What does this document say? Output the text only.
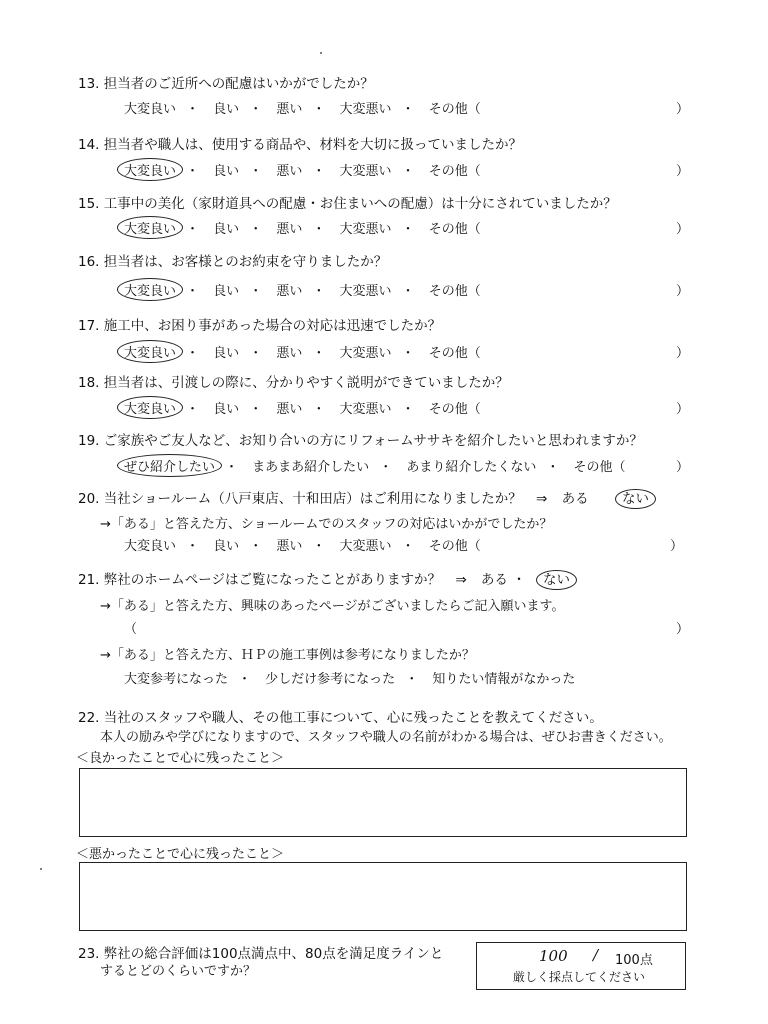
13. 担当者のご近所への配慮はいかがでしたか？
大変良い ・ 良い ・ 悪い ・ 大変悪い ・ その他（	）
14. 担当者や職人は、使用する商品や、材料を大切に扱っていましたか？
大変良い ・ 良い ・ 悪い ・ 大変悪い ・ その他（	）
15. 工事中の美化（家財道具への配慮・お住まいへの配慮）は十分にされていましたか？
大変良い ・ 良い ・ 悪い ・ 大変悪い ・ その他（	）
16. 担当者は、お客様とのお約束を守りましたか？
大変良い ・ 良い ・ 悪い ・ 大変悪い ・ その他（	）
17. 施工中、お困り事があった場合の対応は迅速でしたか？
大変良い ・ 良い ・ 悪い ・ 大変悪い ・ その他（	）
18. 担当者は、引渡しの際に、分かりやすく説明ができていましたか？
大変良い ・ 良い ・ 悪い ・ 大変悪い ・ その他（	）
19. ご家族やご友人など、お知り合いの方にリフォームササキを紹介したいと思われますか？
ぜひ紹介したい ・ まあまあ紹介したい ・ あまり紹介したくない ・ その他（	）
20. 当社ショールーム（八戸東店、十和田店）はご利用になりましたか？ ⇒ ある ない
→「ある」と答えた方、ショールームでのスタッフの対応はいかがでしたか？
大変良い ・ 良い ・ 悪い ・ 大変悪い ・ その他（	）
21. 弊社のホームページはご覧になったことがありますか？ ⇒ ある ・ ない
→「ある」と答えた方、興味のあったページがございましたらご記入願います。
（	）
→「ある」と答えた方、ＨＰの施工事例は参考になりましたか？
大変参考になった ・ 少しだけ参考になった ・ 知りたい情報がなかった
22. 当社のスタッフや職人、その他工事について、心に残ったことを教えてください。
本人の励みや学びになりますので、スタッフや職人の名前がわかる場合は、ぜひお書きください。
＜良かったことで心に残ったこと＞
＜悪かったことで心に残ったこと＞
23. 弊社の総合評価は100点満点中、80点を満足度ラインと
するとどのくらいですか？
100 / 100点
厳しく採点してください
